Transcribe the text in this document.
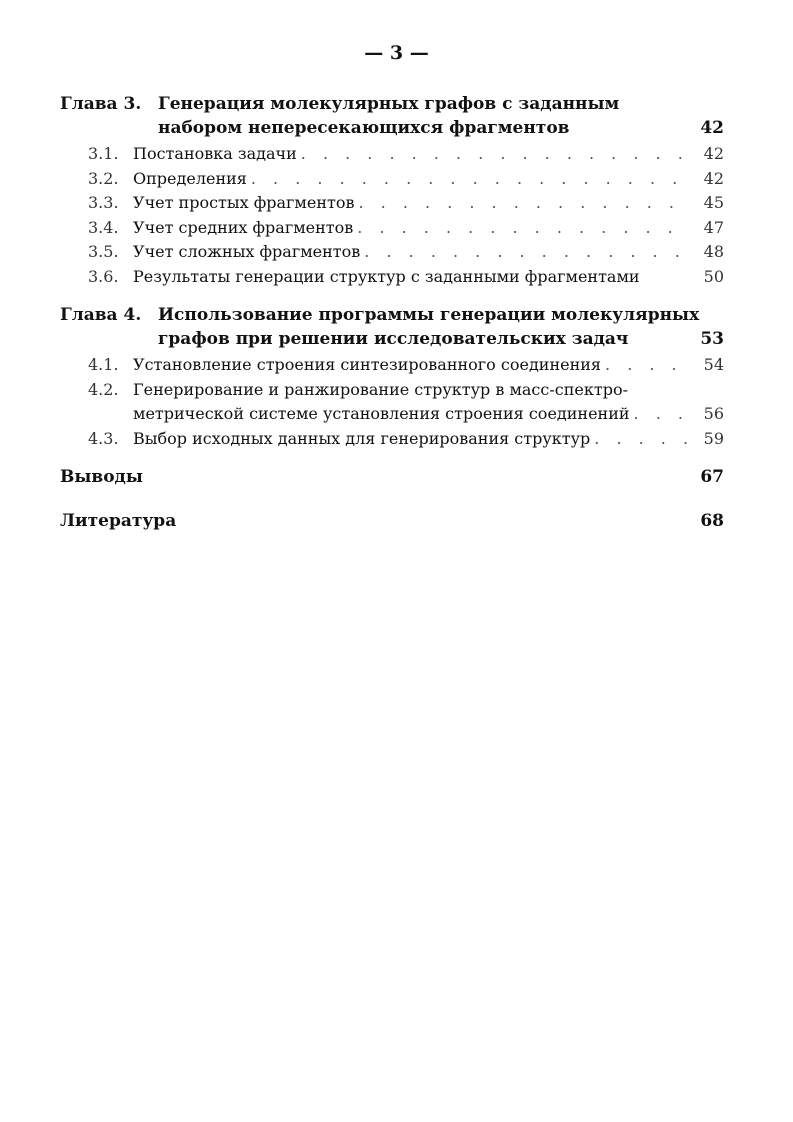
— 3 —
Глава 3. Генерация молекулярных графов с заданным
набором непересекающихся фрагментов	42
3.1. Постановка задачи . . .	42
3.2. Определения . . .	42
3.3. Учет простых фрагментов . . .	45
3.4. Учет средних фрагментов . . .	47
3.5. Учет сложных фрагментов . . .	48
3.6. Результаты генерации структур с заданными фрагментами	50
Глава 4. Использование программы генерации молекулярных
графов при решении исследовательских задач	53
4.1. Установление строения синтезированного соединения . . .	54
4.2. Генерирование и ранжирование структур в масс-спектро-
метрической системе установления строения соединений . . .	56
4.3. Выбор исходных данных для генерирования структур . . .	59
Выводы	67
Литература	68
